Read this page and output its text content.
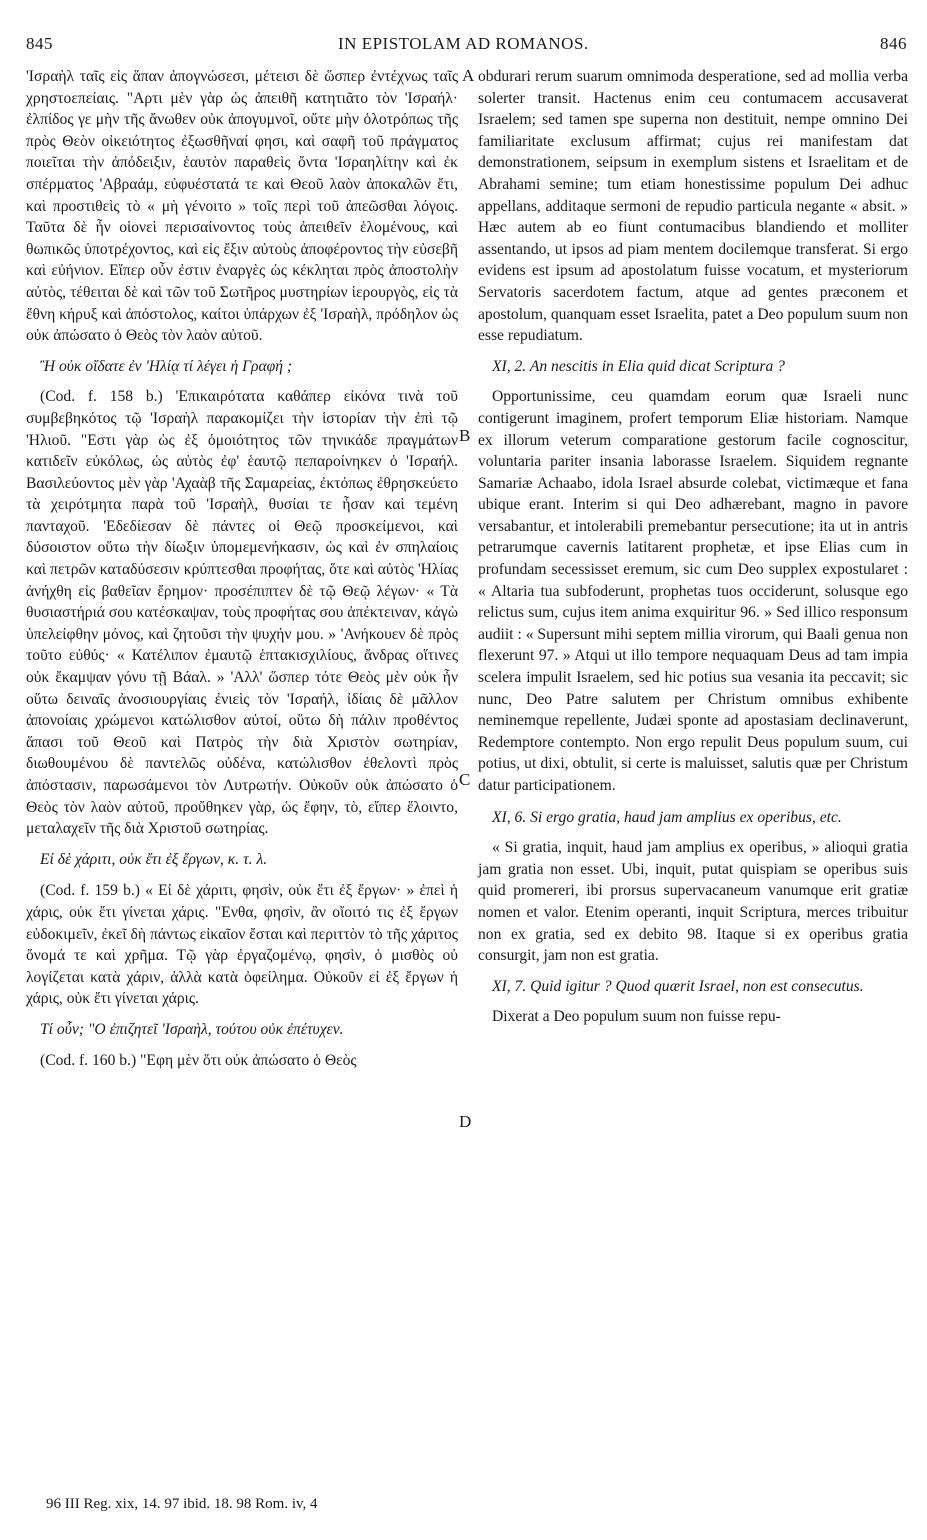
845	IN EPISTOLAM AD ROMANOS.	846

'Ισραὴλ ταῖς εἰς ἅπαν ἀπογνώσεσι, μέτεισι δὲ ὥσπερ ἐντέχνως ταῖς χρηστοεπείαις. "Αρτι μὲν γὰρ ὡς ἀπειθῆ κατητιᾶτο τὸν 'Ισραήλ· ἐλπίδος γε μὴν τῆς ἄνωθεν οὐκ ἀπογυμνοῖ, οὔτε μὴν ὁλοτρόπως τῆς πρὸς Θεὸν οἰκειότητος ἐξωσθῆναί φησι, καὶ σαφῆ τοῦ πράγματος ποιεῖται τὴν ἀπόδειξιν, ἑαυτὸν παραθεὶς ὄντα 'Ισραηλίτην καὶ ἐκ σπέρματος 'Αβραάμ, εὐφυέστατά τε καὶ Θεοῦ λαὸν ἀποκαλῶν ἔτι, καὶ προστιθεὶς τὸ « μὴ γένοιτο » τοῖς περὶ τοῦ ἀπεῶσθαι λόγοις. Ταῦτα δὲ ἦν οἱονεὶ περισαίνοντος τοὺς ἀπειθεῖν ἑλομένους, καὶ θωπικῶς ὑποτρέχοντος, καὶ εἰς ἔξιν αὐτοὺς ἀποφέροντος τὴν εὐσεβῆ καὶ εὐήνιον. Εἴπερ οὖν ἐστιν ἐναργὲς ὡς κέκληται πρὸς ἀποστολὴν αὐτὸς, τέθειται δὲ καὶ τῶν τοῦ Σωτῆρος μυστηρίων ἱερουργὸς, εἰς τὰ ἔθνη κήρυξ καὶ ἀπόστολος, καίτοι ὑπάρχων ἐξ 'Ισραὴλ, πρόδηλον ὡς οὐκ ἀπώσατο ὁ Θεὸς τὸν λαὸν αὐτοῦ.

Ἢ οὐκ οἴδατε ἐν 'Ηλίᾳ τί λέγει ἡ Γραφή ;

(Cod. f. 158 b.) 'Επικαιρότατα καθάπερ εἰκόνα τινὰ τοῦ συμβεβηκότος τῷ 'Ισραὴλ παρακομίζει τὴν ἱστορίαν τὴν ἐπὶ τῷ 'Ηλιοῦ. "Εστι γὰρ ὡς ἐξ ὁμοιότητος τῶν τηνικάδε πραγμάτων κατιδεῖν εὐκόλως, ὡς αὐτὸς ἐφ' ἑαυτῷ πεπαροίνηκεν ὁ 'Ισραήλ. Βασιλεύοντος μὲν γὰρ 'Αχαὰβ τῆς Σαμαρείας, ἐκτόπως ἐθρησκεύετο τὰ χειρότμητα παρὰ τοῦ 'Ισραὴλ, θυσίαι τε ἦσαν καὶ τεμένη πανταχοῦ. 'Εδεδίεσαν δὲ πάντες οἱ Θεῷ προσκείμενοι, καὶ δύσοιστον οὕτω τὴν δίωξιν ὑπομεμενήκασιν, ὡς καὶ ἐν σπηλαίοις καὶ πετρῶν καταδύσεσιν κρύπτεσθαι προφήτας, ὅτε καὶ αὐτὸς 'Ηλίας ἀνήχθη εἰς βαθεῖαν ἔρημον· προσέπιπτεν δὲ τῷ Θεῷ λέγων· « Τὰ θυσιαστήριά σου κατέσκαψαν, τοὺς προφήτας σου ἀπέκτειναν, κἀγὼ ὑπελείφθην μόνος, καὶ ζητοῦσι τὴν ψυχήν μου. » 'Ανήκουεν δὲ πρὸς τοῦτο εὐθύς· « Κατέλιπον ἐμαυτῷ ἑπτακισχιλίους, ἄνδρας οἵτινες οὐκ ἔκαμψαν γόνυ τῇ Βάαλ. » 'Αλλ' ὥσπερ τότε Θεὸς μὲν οὐκ ἦν οὕτω δειναῖς ἀνοσιουργίαις ἐνιεὶς τὸν 'Ισραήλ, ἰδίαις δὲ μᾶλλον ἀπονοίαις χρώμενοι κατώλισθον αὐτοί, οὕτω δὴ πάλιν προθέντος ἅπασι τοῦ Θεοῦ καὶ Πατρὸς τὴν διὰ Χριστὸν σωτηρίαν, διωθουμένου δὲ παντελῶς οὐδένα, κατώλισθον ἐθελοντὶ πρὸς ἀπόστασιν, παρωσάμενοι τὸν Λυτρωτήν. Οὐκοῦν οὐκ ἀπώσατο ὁ Θεὸς τὸν λαὸν αὐτοῦ, προὔθηκεν γὰρ, ὡς ἔφην, τὸ, εἴπερ ἕλοιντο, μεταλαχεῖν τῆς διὰ Χριστοῦ σωτηρίας.

Εἰ δὲ χάριτι, οὐκ ἔτι ἐξ ἔργων, κ. τ. λ.

(Cod. f. 159 b.) « Εἰ δὲ χάριτι, φησὶν, οὐκ ἔτι ἐξ ἔργων· » ἐπεὶ ἡ χάρις, οὐκ ἔτι γίνεται χάρις. "Ενθα, φησὶν, ἂν οἴοιτό τις ἐξ ἔργων εὐδοκιμεῖν, ἐκεῖ δὴ πάντως εἰκαῖον ἔσται καὶ περιττὸν τὸ τῆς χάριτος ὄνομά τε καὶ χρῆμα. Τῷ γὰρ ἐργαζομένῳ, φησὶν, ὁ μισθὸς οὐ λογίζεται κατὰ χάριν, ἀλλὰ κατὰ ὀφείλημα. Οὐκοῦν εἰ ἐξ ἔργων ἡ χάρις, οὐκ ἔτι γίνεται χάρις.

Τί οὖν; "Ο ἐπιζητεῖ 'Ισραὴλ, τούτου οὐκ ἐπέτυχεν.

(Cod. f. 160 b.) "Εφη μὲν ὅτι οὐκ ἀπώσατο ὁ Θεὸς

A
B
C
D

obdurari rerum suarum omnimoda desperatione, sed ad mollia verba solerter transit. Hactenus enim ceu contumacem accusaverat Israelem; sed tamen spe superna non destituit, nempe omnino Dei familiaritate exclusum affirmat; cujus rei manifestam dat demonstrationem, seipsum in exemplum sistens et Israelitam et de Abrahami semine; tum etiam honestissime populum Dei adhuc appellans, additaque sermoni de repudio particula negante « absit. » Hæc autem ab eo fiunt contumacibus blandiendo et molliter assentando, ut ipsos ad piam mentem docilemque transferat. Si ergo evidens est ipsum ad apostolatum fuisse vocatum, et mysteriorum Servatoris sacerdotem factum, atque ad gentes præconem et apostolum, quanquam esset Israelita, patet a Deo populum suum non esse repudiatum.

XI, 2. An nescitis in Elia quid dicat Scriptura ?

Opportunissime, ceu quamdam eorum quæ Israeli nunc contigerunt imaginem, profert temporum Eliæ historiam. Namque ex illorum veterum comparatione gestorum facile cognoscitur, voluntaria pariter insania laborasse Israelem. Siquidem regnante Samariæ Achaabo, idola Israel absurde colebat, victimæque et fana ubique erant. Interim si qui Deo adhærebant, magno in pavore versabantur, et intolerabili premebantur persecutione; ita ut in antris petrarumque cavernis latitarent prophetæ, et ipse Elias cum in profundam secessisset eremum, sic cum Deo supplex expostularet : « Altaria tua subfoderunt, prophetas tuos occiderunt, solusque ego relictus sum, cujus item anima exquiritur 96. » Sed illico responsum audiit : « Supersunt mihi septem millia virorum, qui Baali genua non flexerunt 97. » Atqui ut illo tempore nequaquam Deus ad tam impia scelera impulit Israelem, sed hic potius sua vesania ita peccavit; sic nunc, Deo Patre salutem per Christum omnibus exhibente neminemque repellente, Judæi sponte ad apostasiam declinaverunt, Redemptore contempto. Non ergo repulit Deus populum suum, cui potius, ut dixi, obtulit, si certe is maluisset, salutis quæ per Christum datur participationem.

XI, 6. Si ergo gratia, haud jam amplius ex operibus, etc.

« Si gratia, inquit, haud jam amplius ex operibus, » alioqui gratia jam gratia non esset. Ubi, inquit, putat quispiam se operibus suis quid promereri, ibi prorsus supervacaneum vanumque erit gratiæ nomen et valor. Etenim operanti, inquit Scriptura, merces tribuitur non ex gratia, sed ex debito 98. Itaque si ex operibus gratia consurgit, jam non est gratia.

XI, 7. Quid igitur ? Quod quærit Israel, non est consecutus.

Dixerat a Deo populum suum non fuisse repu-

96 III Reg. xix, 14. 97 ibid. 18. 98 Rom. iv, 4
